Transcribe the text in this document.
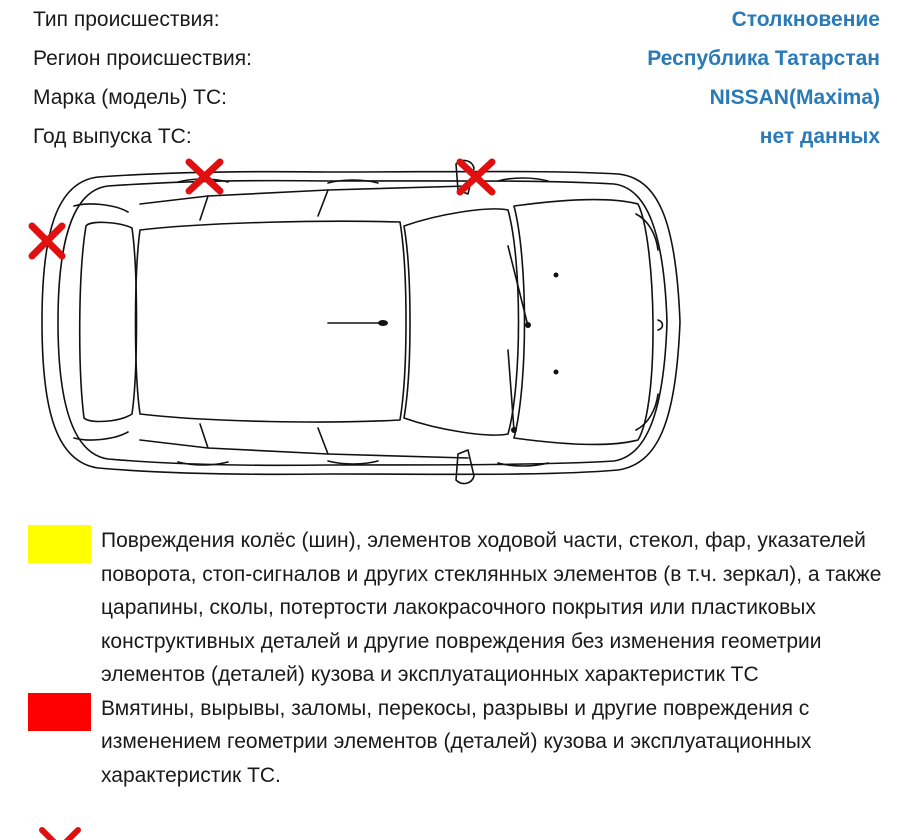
Тип происшествия:	Столкновение
Регион происшествия:	Республика Татарстан
Марка (модель) ТС:	NISSAN(Maxima)
Год выпуска ТС:	нет данных
Повреждения колёс (шин), элементов ходовой части, стекол, фар, указателей поворота, стоп-сигналов и других стеклянных элементов (в т.ч. зеркал), а также царапины, сколы, потертости лакокрасочного покрытия или пластиковых конструктивных деталей и другие повреждения без изменения геометрии элементов (деталей) кузова и эксплуатационных характеристик ТС
Вмятины, вырывы, заломы, перекосы, разрывы и другие повреждения с изменением геометрии элементов (деталей) кузова и эксплуатационных характеристик ТС.
